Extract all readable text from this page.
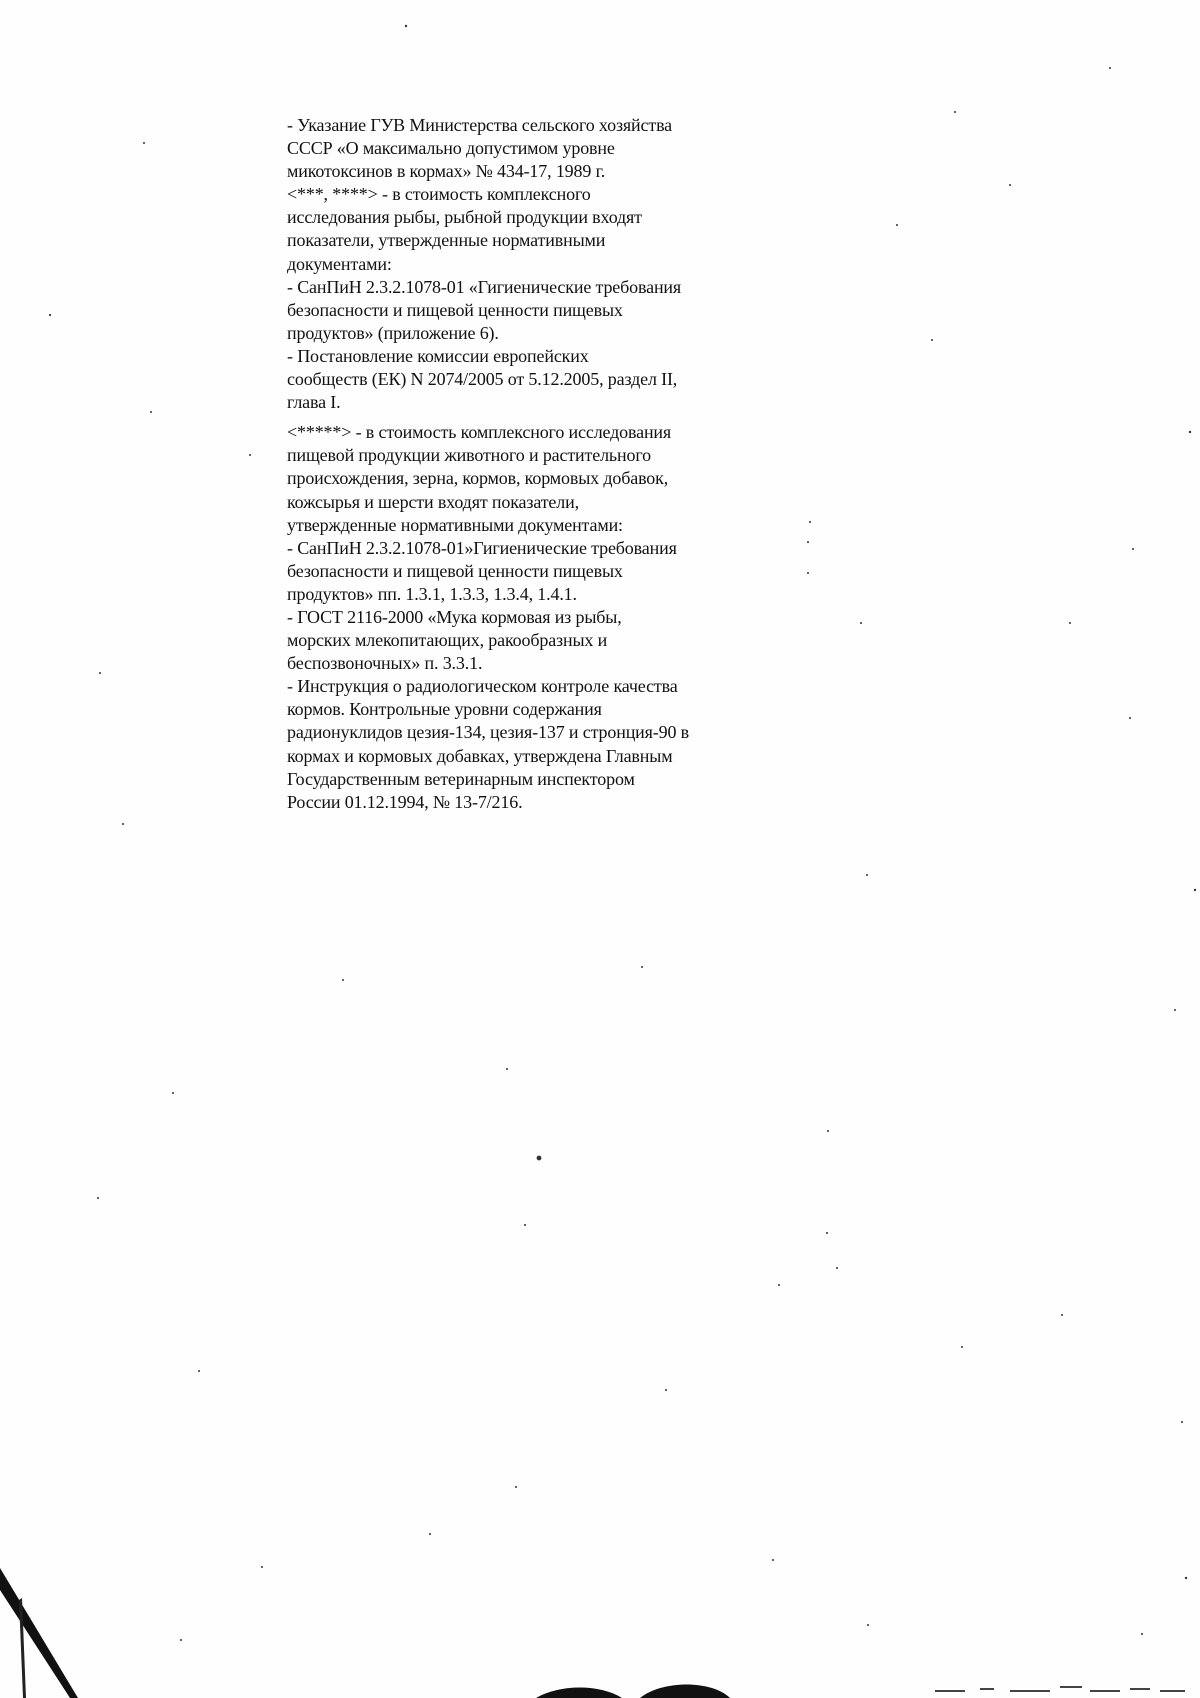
- Указание ГУВ Министерства сельского хозяйства
СССР «О максимально допустимом уровне
микотоксинов в кормах» № 434-17, 1989 г.
<***, ****> - в стоимость комплексного
исследования рыбы, рыбной продукции входят
показатели, утвержденные нормативными
документами:
- СанПиН 2.3.2.1078-01 «Гигиенические требования
безопасности и пищевой ценности пищевых
продуктов» (приложение 6).
- Постановление комиссии европейских
сообществ (ЕК) N 2074/2005 от 5.12.2005, раздел II,
глава I.
<*****> - в стоимость комплексного исследования
пищевой продукции животного и растительного
происхождения, зерна, кормов, кормовых добавок,
кожсырья и шерсти входят показатели,
утвержденные нормативными документами:
- СанПиН 2.3.2.1078-01»Гигиенические требования
безопасности и пищевой ценности пищевых
продуктов» пп. 1.3.1, 1.3.3, 1.3.4, 1.4.1.
- ГОСТ 2116-2000 «Мука кормовая из рыбы,
морских млекопитающих, ракообразных и
беспозвоночных» п. 3.3.1.
- Инструкция о радиологическом контроле качества
кормов. Контрольные уровни содержания
радионуклидов цезия-134, цезия-137 и стронция-90 в
кормах и кормовых добавках, утверждена Главным
Государственным ветеринарным инспектором
России 01.12.1994, № 13-7/216.
